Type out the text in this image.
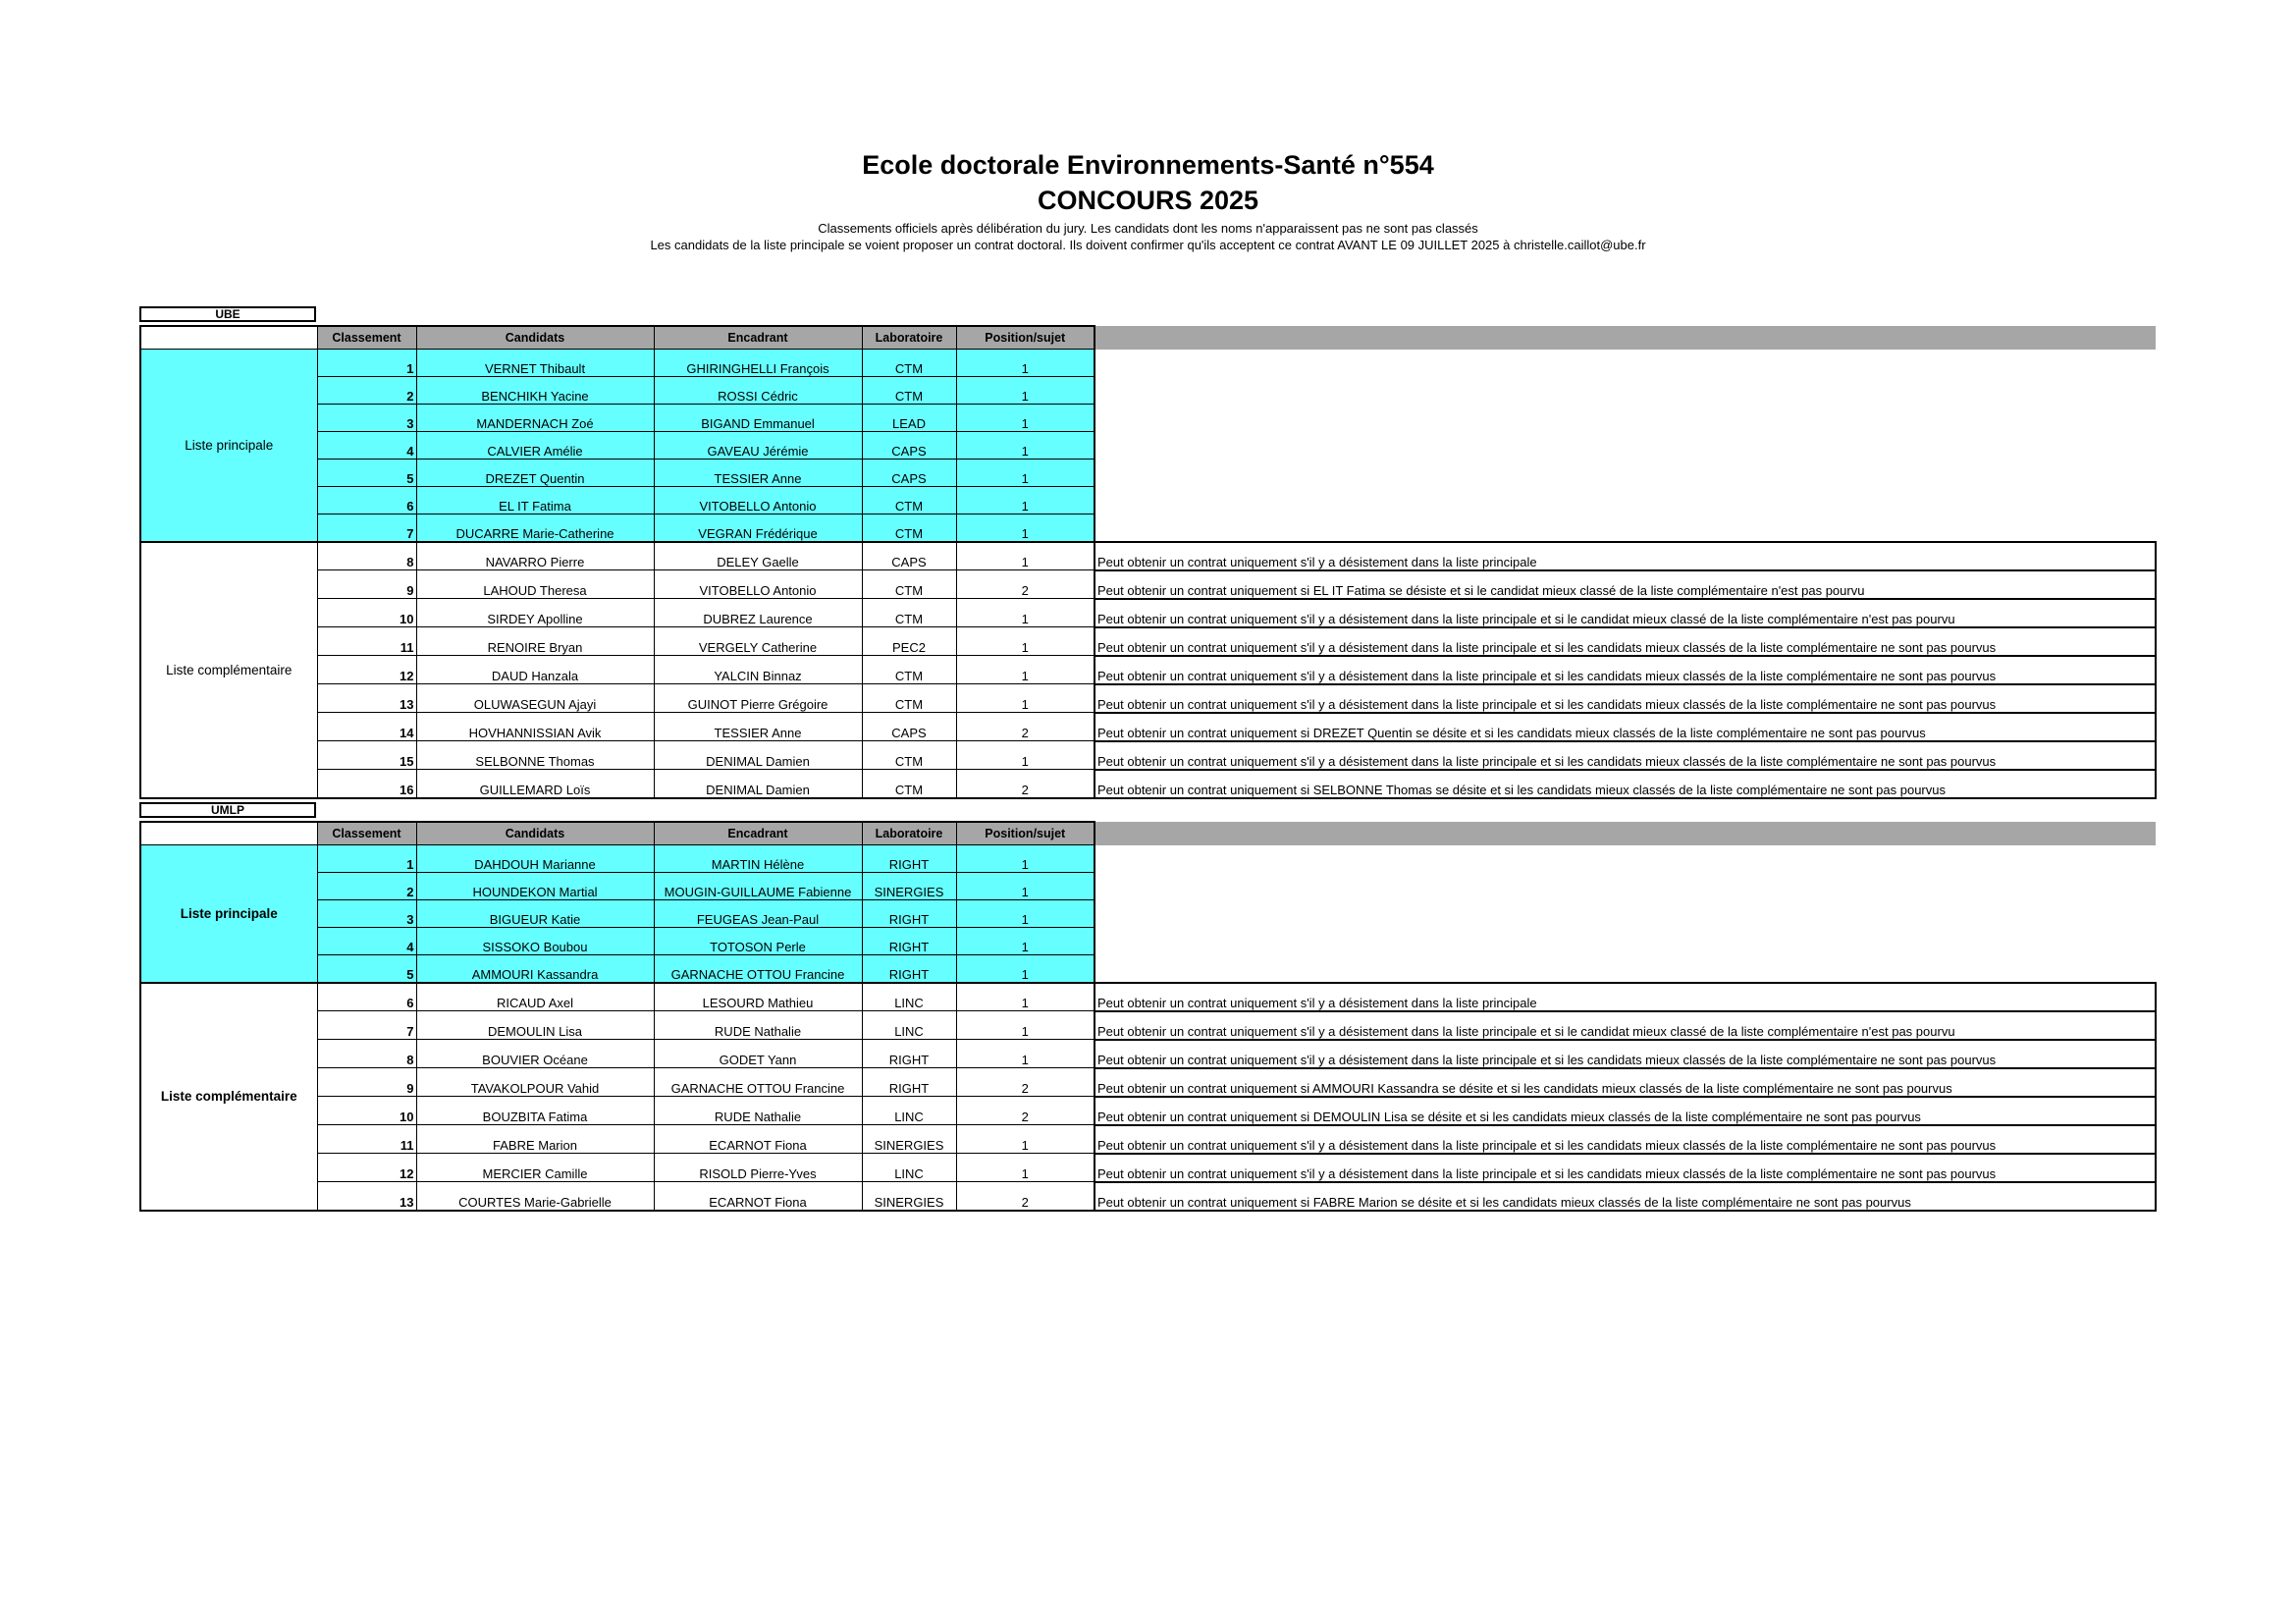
Ecole doctorale Environnements-Santé n°554
CONCOURS 2025
Classements officiels après délibération du jury. Les candidats dont les noms n'apparaissent pas ne sont pas classés
Les candidats de la liste principale se voient proposer un contrat doctoral. Ils doivent confirmer qu'ils acceptent ce contrat AVANT LE 09 JUILLET 2025 à christelle.caillot@ube.fr
UBE
	Classement	Candidats	Encadrant	Laboratoire	Position/sujet	
Liste principale	1	VERNET Thibault	GHIRINGHELLI François	CTM	1	
	2	BENCHIKH Yacine	ROSSI Cédric	CTM	1	
	3	MANDERNACH Zoé	BIGAND Emmanuel	LEAD	1	
	4	CALVIER Amélie	GAVEAU Jérémie	CAPS	1	
	5	DREZET Quentin	TESSIER Anne	CAPS	1	
	6	EL IT Fatima	VITOBELLO Antonio	CTM	1	
	7	DUCARRE Marie-Catherine	VEGRAN Frédérique	CTM	1	
Liste complémentaire	8	NAVARRO Pierre	DELEY Gaelle	CAPS	1	Peut obtenir un contrat uniquement s'il y a désistement dans la liste principale
	9	LAHOUD Theresa	VITOBELLO Antonio	CTM	2	Peut obtenir un contrat uniquement si EL IT Fatima se désiste et si le candidat mieux classé de la liste complémentaire n'est pas pourvu
	10	SIRDEY Apolline	DUBREZ Laurence	CTM	1	Peut obtenir un contrat uniquement s'il y a désistement dans la liste principale et si le candidat mieux classé de la liste complémentaire n'est pas pourvu
	11	RENOIRE Bryan	VERGELY Catherine	PEC2	1	Peut obtenir un contrat uniquement s'il y a désistement dans la liste principale et si les candidats mieux classés de la liste complémentaire ne sont pas pourvus
	12	DAUD Hanzala	YALCIN Binnaz	CTM	1	Peut obtenir un contrat uniquement s'il y a désistement dans la liste principale et si les candidats mieux classés de la liste complémentaire ne sont pas pourvus
	13	OLUWASEGUN Ajayi	GUINOT Pierre Grégoire	CTM	1	Peut obtenir un contrat uniquement s'il y a désistement dans la liste principale et si les candidats mieux classés de la liste complémentaire ne sont pas pourvus
	14	HOVHANNISSIAN Avik	TESSIER Anne	CAPS	2	Peut obtenir un contrat uniquement si DREZET Quentin se désite et si les candidats mieux classés de la liste complémentaire ne sont pas pourvus
	15	SELBONNE Thomas	DENIMAL Damien	CTM	1	Peut obtenir un contrat uniquement s'il y a désistement dans la liste principale et si les candidats mieux classés de la liste complémentaire ne sont pas pourvus
	16	GUILLEMARD Loïs	DENIMAL Damien	CTM	2	Peut obtenir un contrat uniquement si SELBONNE Thomas se désite et si les candidats mieux classés de la liste complémentaire ne sont pas pourvus
UMLP
	Classement	Candidats	Encadrant	Laboratoire	Position/sujet	
Liste principale	1	DAHDOUH Marianne	MARTIN Hélène	RIGHT	1	
	2	HOUNDEKON Martial	MOUGIN-GUILLAUME Fabienne	SINERGIES	1	
	3	BIGUEUR Katie	FEUGEAS Jean-Paul	RIGHT	1	
	4	SISSOKO Boubou	TOTOSON Perle	RIGHT	1	
	5	AMMOURI Kassandra	GARNACHE OTTOU Francine	RIGHT	1	
Liste complémentaire	6	RICAUD Axel	LESOURD Mathieu	LINC	1	Peut obtenir un contrat uniquement s'il y a désistement dans la liste principale
	7	DEMOULIN Lisa	RUDE Nathalie	LINC	1	Peut obtenir un contrat uniquement s'il y a désistement dans la liste principale et si le candidat mieux classé de la liste complémentaire n'est pas pourvu
	8	BOUVIER Océane	GODET Yann	RIGHT	1	Peut obtenir un contrat uniquement s'il y a désistement dans la liste principale et si les candidats mieux classés de la liste complémentaire ne sont pas pourvus
	9	TAVAKOLPOUR Vahid	GARNACHE OTTOU Francine	RIGHT	2	Peut obtenir un contrat uniquement si AMMOURI Kassandra se désite et si les candidats mieux classés de la liste complémentaire ne sont pas pourvus
	10	BOUZBITA Fatima	RUDE Nathalie	LINC	2	Peut obtenir un contrat uniquement si DEMOULIN Lisa se désite et si les candidats mieux classés de la liste complémentaire ne sont pas pourvus
	11	FABRE Marion	ECARNOT Fiona	SINERGIES	1	Peut obtenir un contrat uniquement s'il y a désistement dans la liste principale et si les candidats mieux classés de la liste complémentaire ne sont pas pourvus
	12	MERCIER Camille	RISOLD Pierre-Yves	LINC	1	Peut obtenir un contrat uniquement s'il y a désistement dans la liste principale et si les candidats mieux classés de la liste complémentaire ne sont pas pourvus
	13	COURTES Marie-Gabrielle	ECARNOT Fiona	SINERGIES	2	Peut obtenir un contrat uniquement si FABRE Marion se désite et si les candidats mieux classés de la liste complémentaire ne sont pas pourvus
